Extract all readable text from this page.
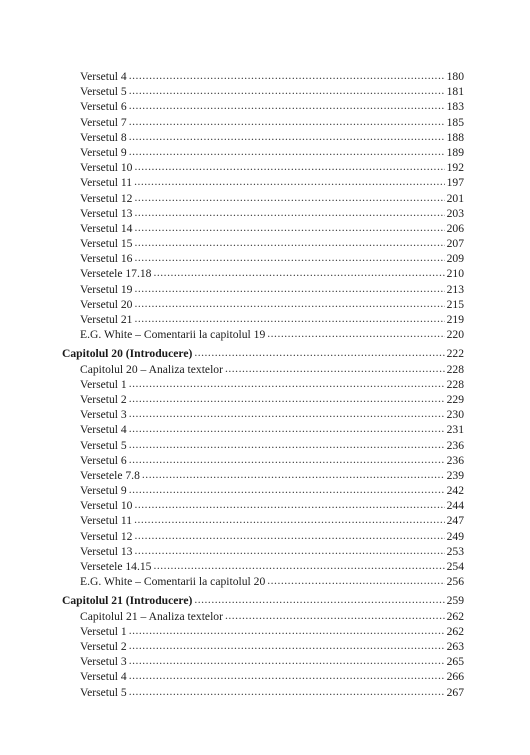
Versetul 4 .....	180
Versetul 5 .....	181
Versetul 6 .....	183
Versetul 7 .....	185
Versetul 8 .....	188
Versetul 9 .....	189
Versetul 10 .....	192
Versetul 11 .....	197
Versetul 12 .....	201
Versetul 13 .....	203
Versetul 14 .....	206
Versetul 15 .....	207
Versetul 16 .....	209
Versetele 17.18 .....	210
Versetul 19 .....	213
Versetul 20 .....	215
Versetul 21 .....	219
E.G. White – Comentarii la capitolul 19 .....	220
Capitolul 20 (Introducere) .....	222
Capitolul 20 – Analiza textelor .....	228
Versetul 1 .....	228
Versetul 2 .....	229
Versetul 3 .....	230
Versetul 4 .....	231
Versetul 5 .....	236
Versetul 6 .....	236
Versetele 7.8 .....	239
Versetul 9 .....	242
Versetul 10 .....	244
Versetul 11 .....	247
Versetul 12 .....	249
Versetul 13 .....	253
Versetele 14.15 .....	254
E.G. White – Comentarii la capitolul 20 .....	256
Capitolul 21 (Introducere) .....	259
Capitolul 21 – Analiza textelor .....	262
Versetul 1 .....	262
Versetul 2 .....	263
Versetul 3 .....	265
Versetul 4 .....	266
Versetul 5 .....	267
